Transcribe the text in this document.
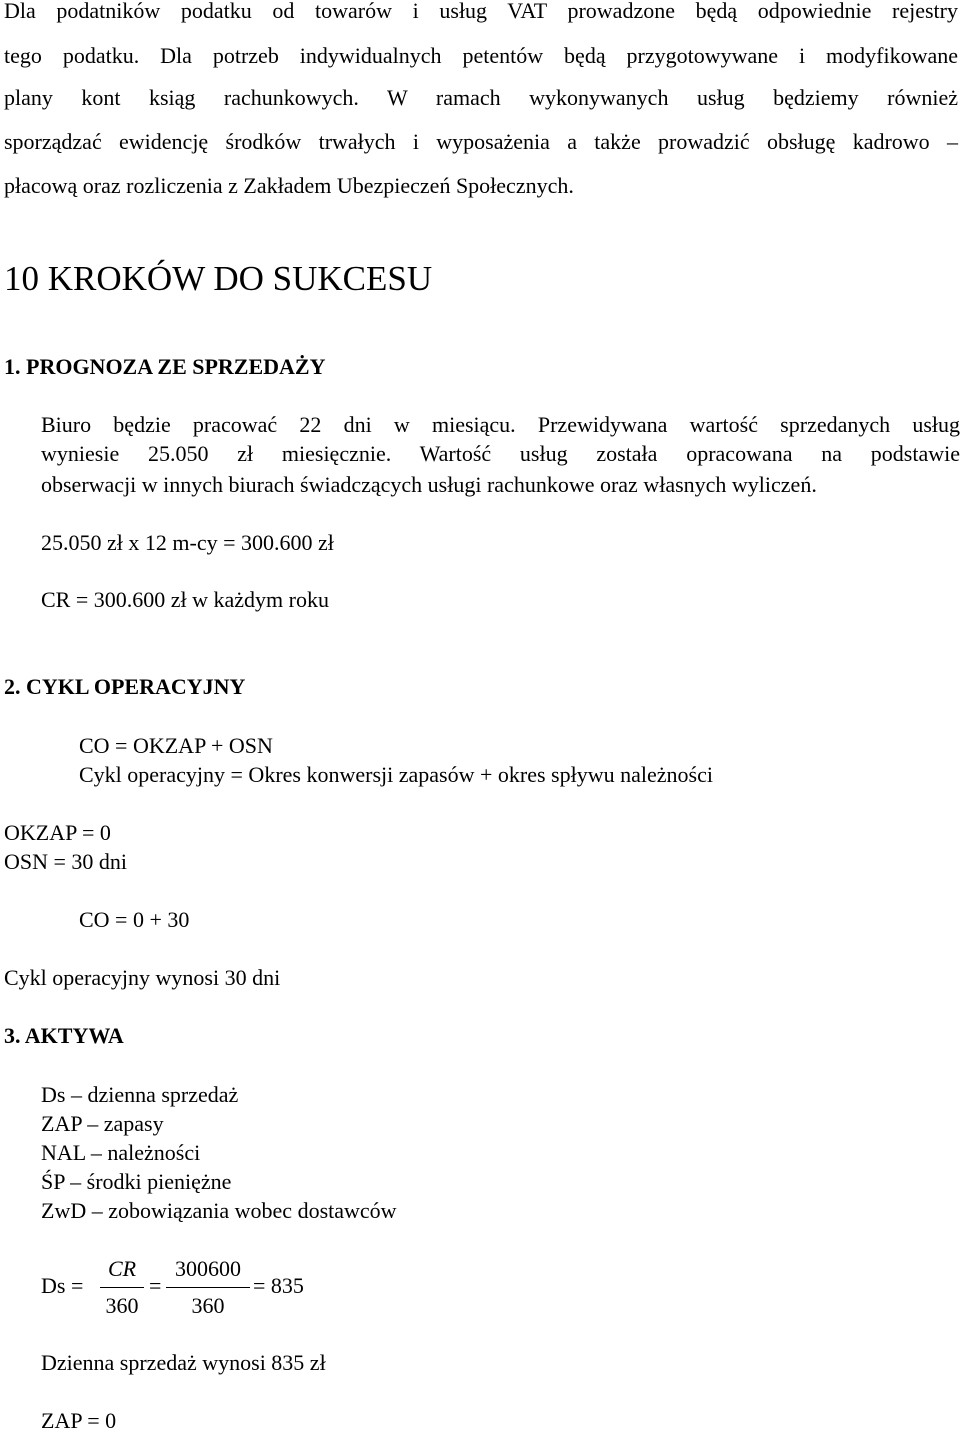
Dla podatników podatku od towarów i usług VAT prowadzone będą odpowiednie rejestry

tego podatku. Dla potrzeb indywidualnych petentów będą przygotowywane i modyfikowane

plany kont ksiąg rachunkowych. W ramach wykonywanych usług będziemy również

sporządzać ewidencję środków trwałych i wyposażenia a także prowadzić obsługę kadrowo –

płacową oraz rozliczenia z Zakładem Ubezpieczeń Społecznych.

10 KROKÓW DO SUKCESU
1. PROGNOZA ZE SPRZEDAŻY

Biuro będzie pracować 22 dni w miesiącu. Przewidywana wartość sprzedanych usług

wyniesie 25.050 zł miesięcznie. Wartość usług została opracowana na podstawie

obserwacji w innych biurach świadczących usługi rachunkowe oraz własnych wyliczeń.

25.050 zł x 12 m-cy = 300.600 zł

CR = 300.600 zł w każdym roku

2. CYKL OPERACYJNY

CO = OKZAP + OSN

Cykl operacyjny = Okres konwersji zapasów + okres spływu należności

OKZAP = 0

OSN = 30 dni

CO = 0 + 30

Cykl operacyjny wynosi 30 dni

3. AKTYWA

Ds – dzienna sprzedaż

ZAP – zapasy

NAL – należności

ŚP – środki pieniężne

ZwD – zobowiązania wobec dostawców

Ds =
CR
360
=
300600
360
= 835

Dzienna sprzedaż wynosi 835 zł

ZAP = 0
